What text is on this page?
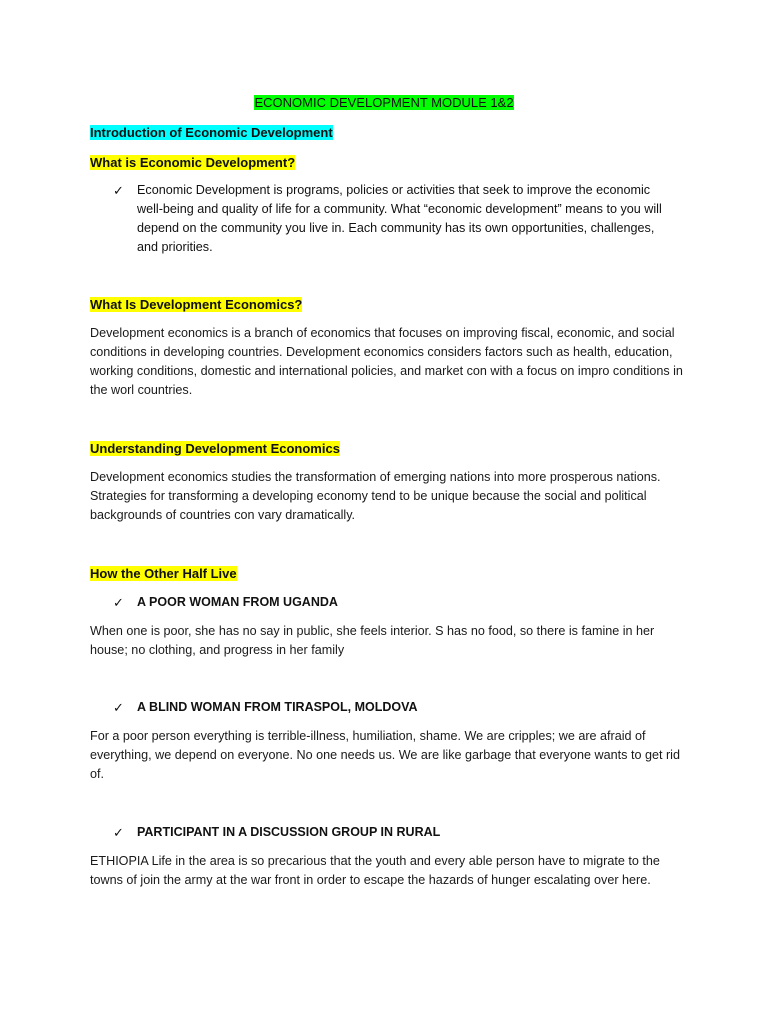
ECONOMIC DEVELOPMENT MODULE 1&2
Introduction of Economic Development
What is Economic Development?
✓ Economic Development is programs, policies or activities that seek to improve the economic well-being and quality of life for a community. What “economic development” means to you will depend on the community you live in. Each community has its own opportunities, challenges, and priorities.
What Is Development Economics?
Development economics is a branch of economics that focuses on improving fiscal, economic, and social conditions in developing countries. Development economics considers factors such as health, education, working conditions, domestic and international policies, and market con with a focus on impro conditions in the worl countries.
Understanding Development Economics
Development economics studies the transformation of emerging nations into more prosperous nations. Strategies for transforming a developing economy tend to be unique because the social and political backgrounds of countries con vary dramatically.
How the Other Half Live
✓ A POOR WOMAN FROM UGANDA
When one is poor, she has no say in public, she feels interior. S has no food, so there is famine in her house; no clothing, and progress in her family
✓ A BLIND WOMAN FROM TIRASPOL, MOLDOVA
For a poor person everything is terrible-illness, humiliation, shame. We are cripples; we are afraid of everything, we depend on everyone. No one needs us. We are like garbage that everyone wants to get rid of.
✓ PARTICIPANT IN A DISCUSSION GROUP IN RURAL
ETHIOPIA Life in the area is so precarious that the youth and every able person have to migrate to the towns of join the army at the war front in order to escape the hazards of hunger escalating over here.
